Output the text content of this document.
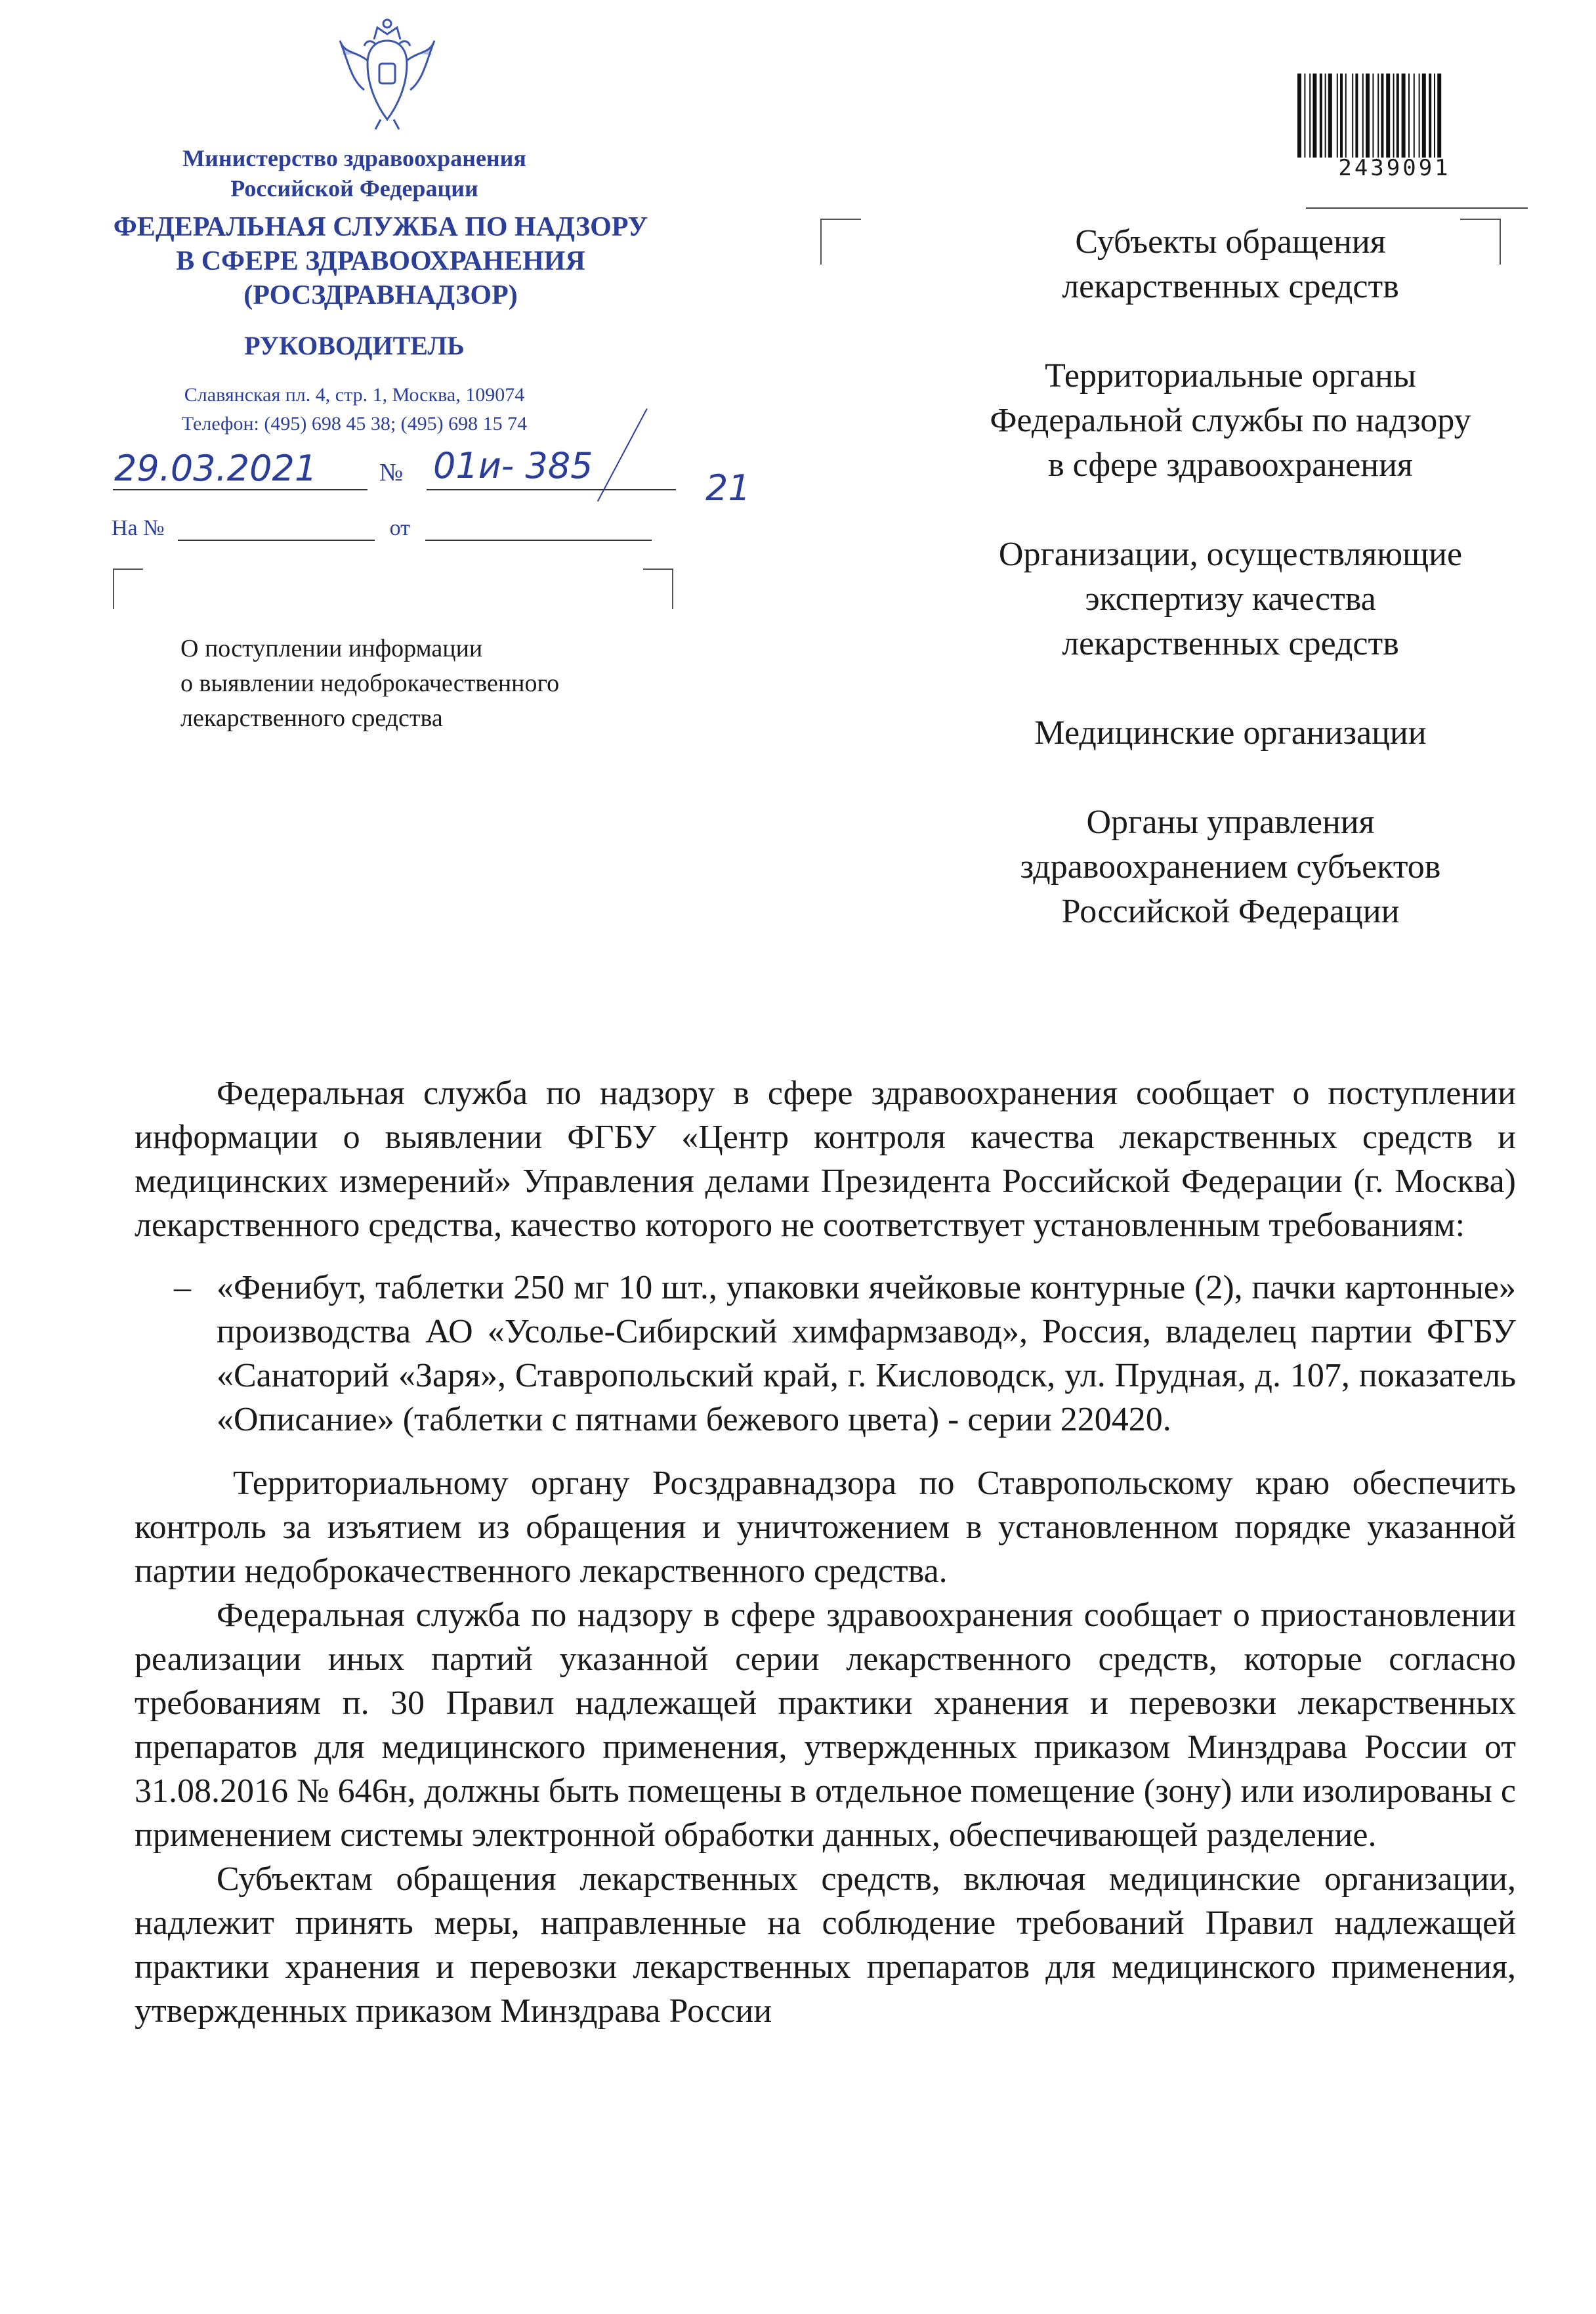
Министерство здравоохранения
Российской Федерации
ФЕДЕРАЛЬНАЯ СЛУЖБА ПО НАДЗОРУ
В СФЕРЕ ЗДРАВООХРАНЕНИЯ
(РОСЗДРАВНАДЗОР)
РУКОВОДИТЕЛЬ
Славянская пл. 4, стр. 1, Москва, 109074
Телефон: (495) 698 45 38; (495) 698 15 74
29.03.2021 № 01и- 385
21
На №	от
О поступлении информации
о выявлении недоброкачественного
лекарственного средства
2439091
Субъекты обращения
лекарственных средств
Территориальные органы
Федеральной службы по надзору
в сфере здравоохранения
Организации, осуществляющие
экспертизу качества
лекарственных средств
Медицинские организации
Органы управления
здравоохранением субъектов
Российской Федерации

Федеральная служба по надзору в сфере здравоохранения сообщает о поступлении информации о выявлении ФГБУ «Центр контроля качества лекарственных средств и медицинских измерений» Управления делами Президента Российской Федерации (г. Москва) лекарственного средства, качество которого не соответствует установленным требованиям:

– «Фенибут, таблетки 250 мг 10 шт., упаковки ячейковые контурные (2), пачки картонные» производства АО «Усолье-Сибирский химфармзавод», Россия, владелец партии ФГБУ «Санаторий «Заря», Ставропольский край, г. Кисловодск, ул. Прудная, д. 107, показатель «Описание» (таблетки с пятнами бежевого цвета) - серии 220420.

Территориальному органу Росздравнадзора по Ставропольскому краю обеспечить контроль за изъятием из обращения и уничтожением в установленном порядке указанной партии недоброкачественного лекарственного средства.

Федеральная служба по надзору в сфере здравоохранения сообщает о приостановлении реализации иных партий указанной серии лекарственного средств, которые согласно требованиям п. 30 Правил надлежащей практики хранения и перевозки лекарственных препаратов для медицинского применения, утвержденных приказом Минздрава России от 31.08.2016 № 646н, должны быть помещены в отдельное помещение (зону) или изолированы с применением системы электронной обработки данных, обеспечивающей разделение.

Субъектам обращения лекарственных средств, включая медицинские организации, надлежит принять меры, направленные на соблюдение требований Правил надлежащей практики хранения и перевозки лекарственных препаратов для медицинского применения, утвержденных приказом Минздрава России
